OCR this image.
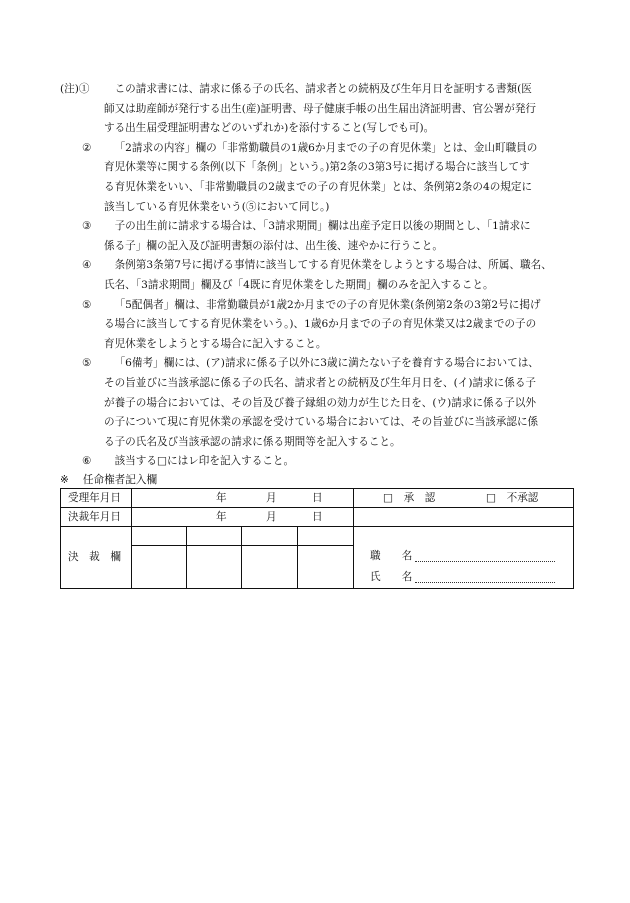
(注)①	この請求書には、請求に係る子の氏名、請求者との続柄及び生年月日を証明する書類(医
師又は助産師が発行する出生(産)証明書、母子健康手帳の出生届出済証明書、官公署が発行
する出生届受理証明書などのいずれか)を添付すること(写しでも可)。
②	「2請求の内容」欄の「非常勤職員の1歳6か月までの子の育児休業」とは、金山町職員の
育児休業等に関する条例(以下「条例」という。)第2条の3第3号に掲げる場合に該当してす
る育児休業をいい、「非常勤職員の2歳までの子の育児休業」とは、条例第2条の4の規定に
該当している育児休業をいう(⑤において同じ。)
③	子の出生前に請求する場合は、「3請求期間」欄は出産予定日以後の期間とし、「1請求に
係る子」欄の記入及び証明書類の添付は、出生後、速やかに行うこと。
④	条例第3条第7号に掲げる事情に該当してする育児休業をしようとする場合は、所属、職名、
氏名、「3請求期間」欄及び「4既に育児休業をした期間」欄のみを記入すること。
⑤	「5配偶者」欄は、非常勤職員が1歳2か月までの子の育児休業(条例第2条の3第2号に掲げ
る場合に該当してする育児休業をいう。)、1歳6か月までの子の育児休業又は2歳までの子の
育児休業をしようとする場合に記入すること。
⑤	「6備考」欄には、(ア)請求に係る子以外に3歳に満たない子を養育する場合においては、
その旨並びに当該承認に係る子の氏名、請求者との続柄及び生年月日を、(イ)請求に係る子
が養子の場合においては、その旨及び養子縁組の効力が生じた日を、(ウ)請求に係る子以外
の子について現に育児休業の承認を受けている場合においては、その旨並びに当該承認に係
る子の氏名及び当該承認の請求に係る期間等を記入すること。
⑥	該当する□にはレ印を記入すること。
※ 任命権者記入欄
受理年月日	年	月	日	□　承　認	□　不承認
決裁年月日	年	月	日
決　裁　欄	職　　名
氏　　名
